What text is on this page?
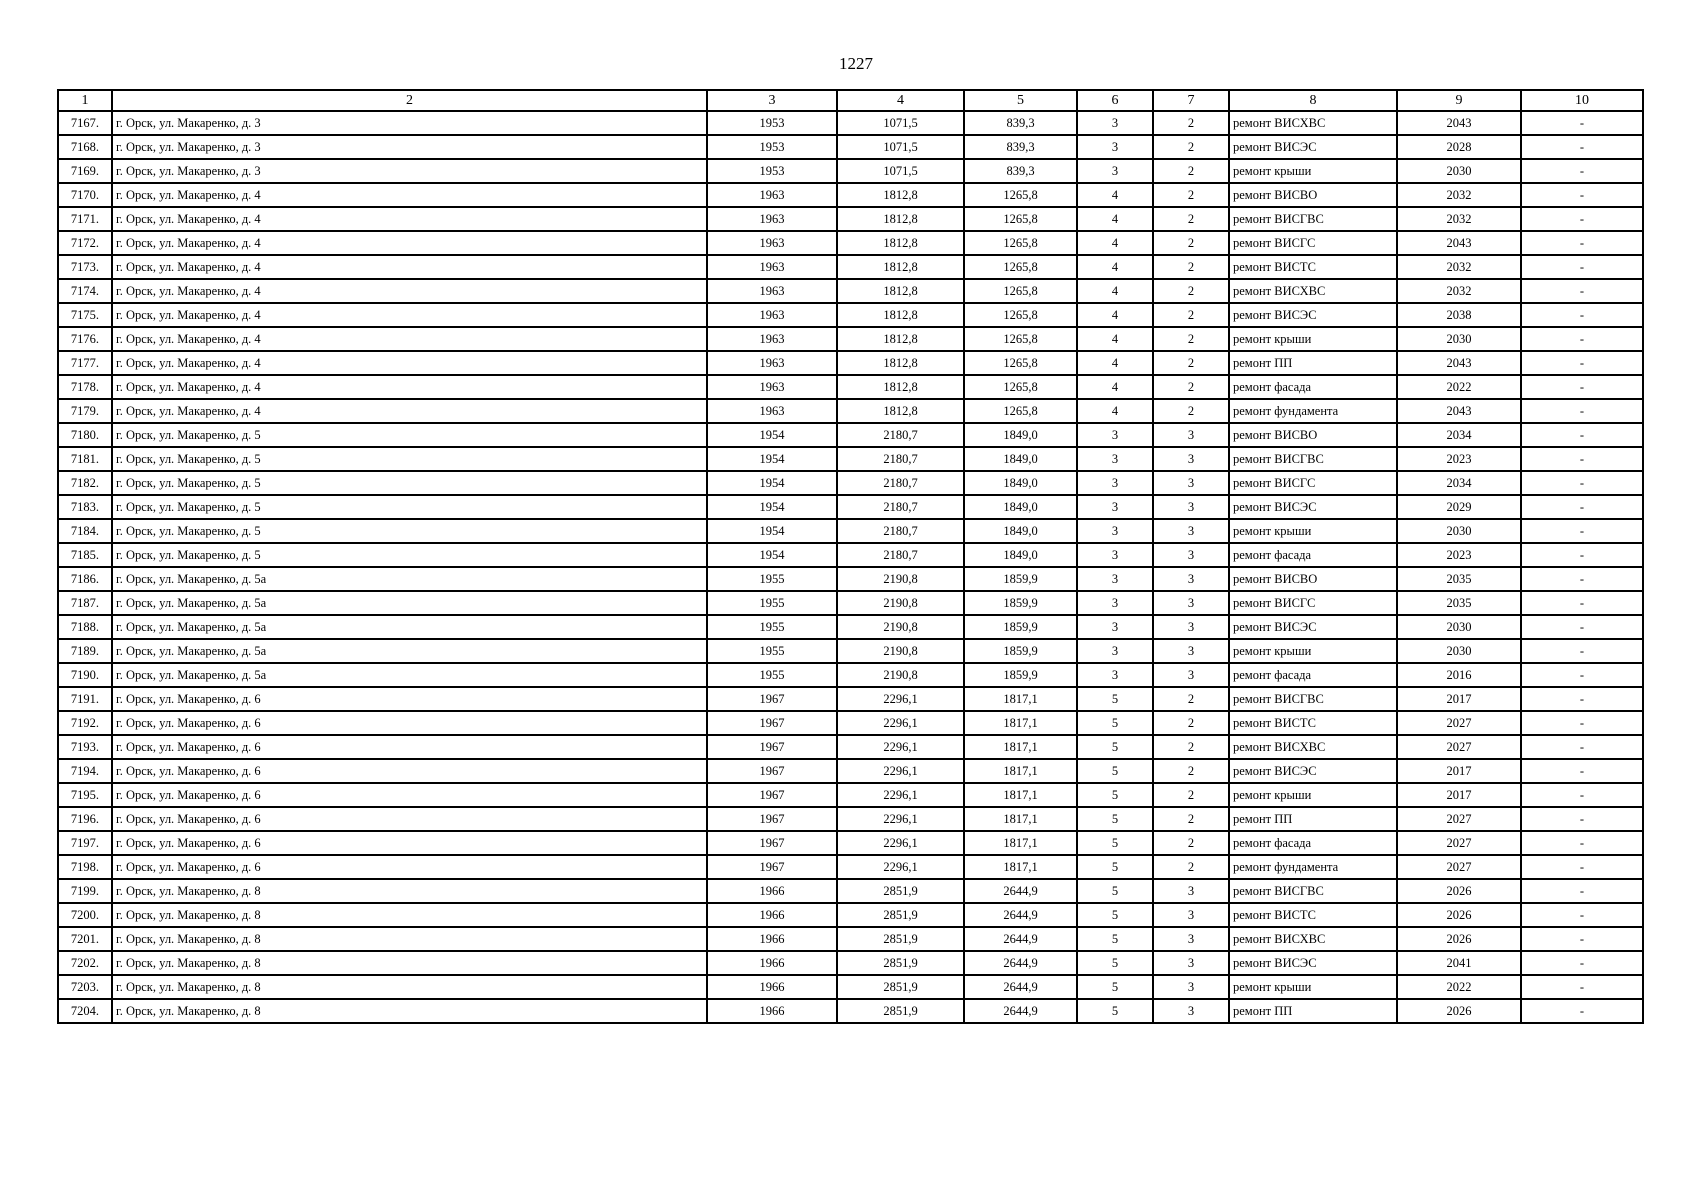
1227
1	2	3	4	5	6	7	8	9	10
7167.	г. Орск, ул. Макаренко, д. 3	1953	1071,5	839,3	3	2	ремонт ВИСХВС	2043	-
7168.	г. Орск, ул. Макаренко, д. 3	1953	1071,5	839,3	3	2	ремонт ВИСЭС	2028	-
7169.	г. Орск, ул. Макаренко, д. 3	1953	1071,5	839,3	3	2	ремонт крыши	2030	-
7170.	г. Орск, ул. Макаренко, д. 4	1963	1812,8	1265,8	4	2	ремонт ВИСВО	2032	-
7171.	г. Орск, ул. Макаренко, д. 4	1963	1812,8	1265,8	4	2	ремонт ВИСГВС	2032	-
7172.	г. Орск, ул. Макаренко, д. 4	1963	1812,8	1265,8	4	2	ремонт ВИСГС	2043	-
7173.	г. Орск, ул. Макаренко, д. 4	1963	1812,8	1265,8	4	2	ремонт ВИСТС	2032	-
7174.	г. Орск, ул. Макаренко, д. 4	1963	1812,8	1265,8	4	2	ремонт ВИСХВС	2032	-
7175.	г. Орск, ул. Макаренко, д. 4	1963	1812,8	1265,8	4	2	ремонт ВИСЭС	2038	-
7176.	г. Орск, ул. Макаренко, д. 4	1963	1812,8	1265,8	4	2	ремонт крыши	2030	-
7177.	г. Орск, ул. Макаренко, д. 4	1963	1812,8	1265,8	4	2	ремонт ПП	2043	-
7178.	г. Орск, ул. Макаренко, д. 4	1963	1812,8	1265,8	4	2	ремонт фасада	2022	-
7179.	г. Орск, ул. Макаренко, д. 4	1963	1812,8	1265,8	4	2	ремонт фундамента	2043	-
7180.	г. Орск, ул. Макаренко, д. 5	1954	2180,7	1849,0	3	3	ремонт ВИСВО	2034	-
7181.	г. Орск, ул. Макаренко, д. 5	1954	2180,7	1849,0	3	3	ремонт ВИСГВС	2023	-
7182.	г. Орск, ул. Макаренко, д. 5	1954	2180,7	1849,0	3	3	ремонт ВИСГС	2034	-
7183.	г. Орск, ул. Макаренко, д. 5	1954	2180,7	1849,0	3	3	ремонт ВИСЭС	2029	-
7184.	г. Орск, ул. Макаренко, д. 5	1954	2180,7	1849,0	3	3	ремонт крыши	2030	-
7185.	г. Орск, ул. Макаренко, д. 5	1954	2180,7	1849,0	3	3	ремонт фасада	2023	-
7186.	г. Орск, ул. Макаренко, д. 5а	1955	2190,8	1859,9	3	3	ремонт ВИСВО	2035	-
7187.	г. Орск, ул. Макаренко, д. 5а	1955	2190,8	1859,9	3	3	ремонт ВИСГС	2035	-
7188.	г. Орск, ул. Макаренко, д. 5а	1955	2190,8	1859,9	3	3	ремонт ВИСЭС	2030	-
7189.	г. Орск, ул. Макаренко, д. 5а	1955	2190,8	1859,9	3	3	ремонт крыши	2030	-
7190.	г. Орск, ул. Макаренко, д. 5а	1955	2190,8	1859,9	3	3	ремонт фасада	2016	-
7191.	г. Орск, ул. Макаренко, д. 6	1967	2296,1	1817,1	5	2	ремонт ВИСГВС	2017	-
7192.	г. Орск, ул. Макаренко, д. 6	1967	2296,1	1817,1	5	2	ремонт ВИСТС	2027	-
7193.	г. Орск, ул. Макаренко, д. 6	1967	2296,1	1817,1	5	2	ремонт ВИСХВС	2027	-
7194.	г. Орск, ул. Макаренко, д. 6	1967	2296,1	1817,1	5	2	ремонт ВИСЭС	2017	-
7195.	г. Орск, ул. Макаренко, д. 6	1967	2296,1	1817,1	5	2	ремонт крыши	2017	-
7196.	г. Орск, ул. Макаренко, д. 6	1967	2296,1	1817,1	5	2	ремонт ПП	2027	-
7197.	г. Орск, ул. Макаренко, д. 6	1967	2296,1	1817,1	5	2	ремонт фасада	2027	-
7198.	г. Орск, ул. Макаренко, д. 6	1967	2296,1	1817,1	5	2	ремонт фундамента	2027	-
7199.	г. Орск, ул. Макаренко, д. 8	1966	2851,9	2644,9	5	3	ремонт ВИСГВС	2026	-
7200.	г. Орск, ул. Макаренко, д. 8	1966	2851,9	2644,9	5	3	ремонт ВИСТС	2026	-
7201.	г. Орск, ул. Макаренко, д. 8	1966	2851,9	2644,9	5	3	ремонт ВИСХВС	2026	-
7202.	г. Орск, ул. Макаренко, д. 8	1966	2851,9	2644,9	5	3	ремонт ВИСЭС	2041	-
7203.	г. Орск, ул. Макаренко, д. 8	1966	2851,9	2644,9	5	3	ремонт крыши	2022	-
7204.	г. Орск, ул. Макаренко, д. 8	1966	2851,9	2644,9	5	3	ремонт ПП	2026	-
